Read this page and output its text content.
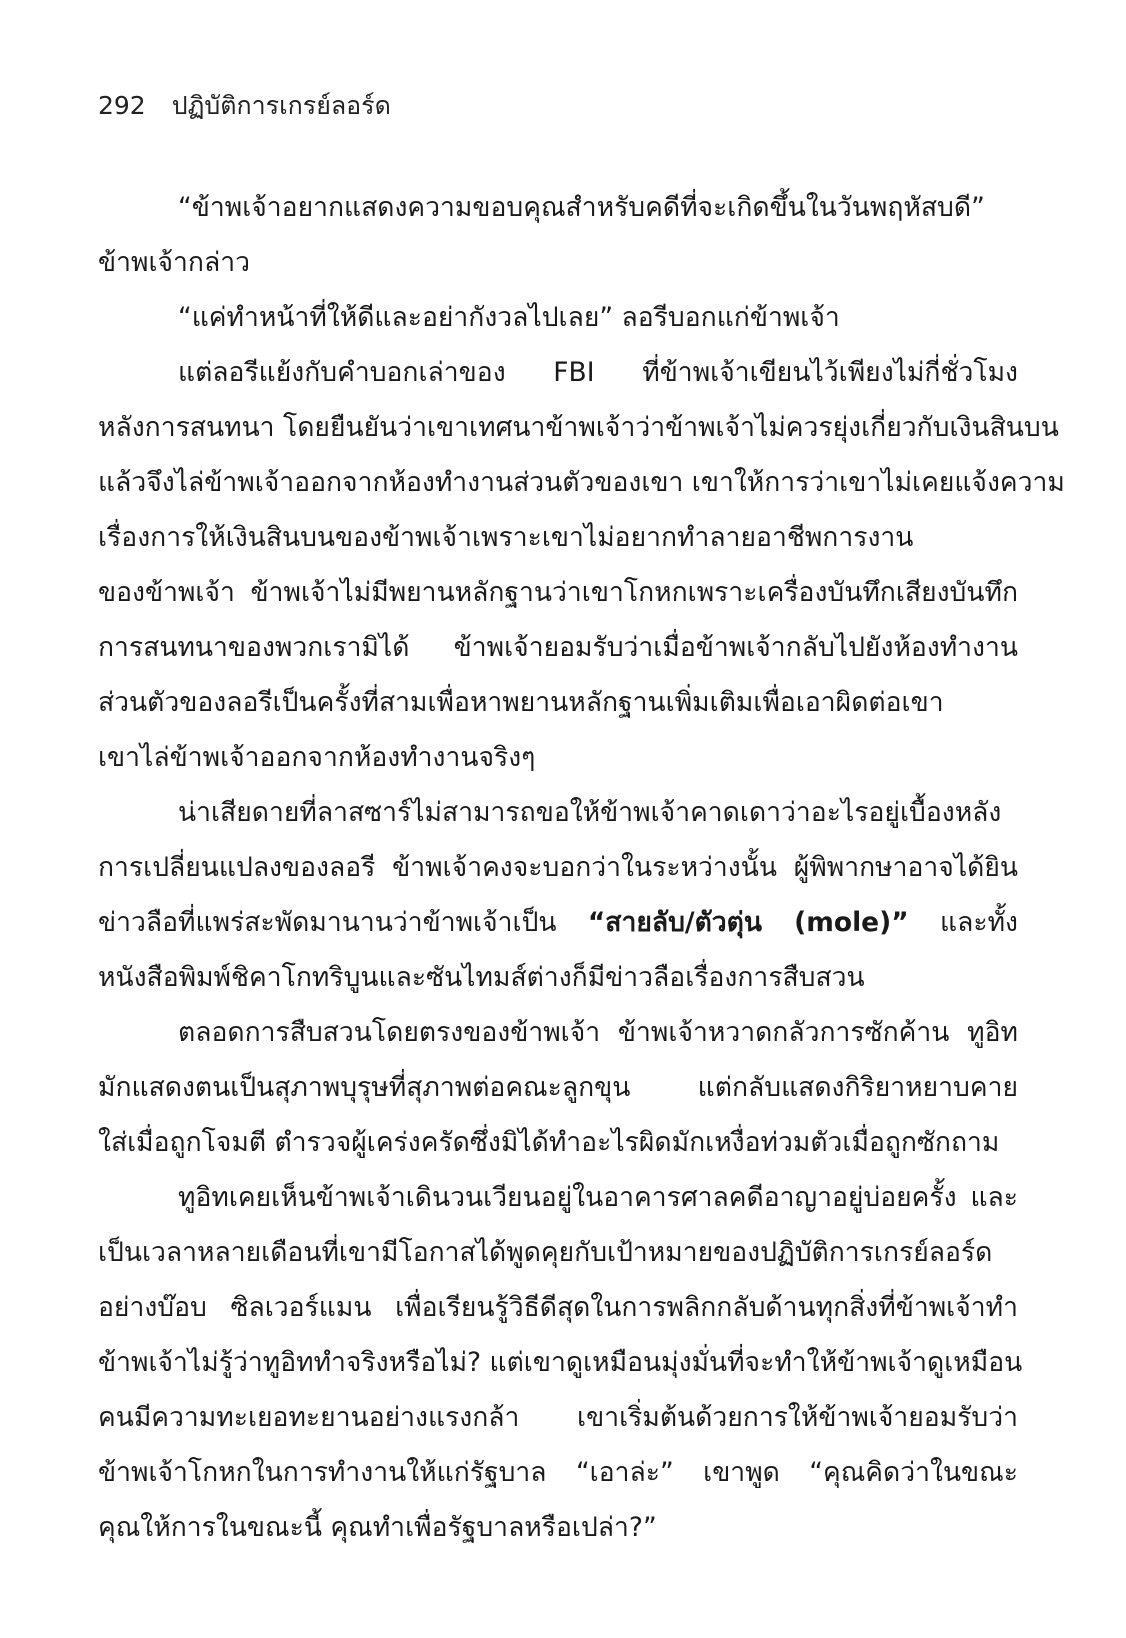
292 ปฏิบัติการเกรย์ลอร์ด
“ข้าพเจ้าอยากแสดงความขอบคุณสำหรับคดีที่จะเกิดขึ้นในวันพฤหัสบดี”
ข้าพเจ้ากล่าว
“แค่ทำหน้าที่ให้ดีและอย่ากังวลไปเลย” ลอรีบอกแก่ข้าพเจ้า
แต่ลอรีแย้งกับคำบอกเล่าของ FBI ที่ข้าพเจ้าเขียนไว้เพียงไม่กี่ชั่วโมง
หลังการสนทนา โดยยืนยันว่าเขาเทศนาข้าพเจ้าว่าข้าพเจ้าไม่ควรยุ่งเกี่ยวกับเงินสินบน
แล้วจึงไล่ข้าพเจ้าออกจากห้องทำงานส่วนตัวของเขา เขาให้การว่าเขาไม่เคยแจ้งความ
เรื่องการให้เงินสินบนของข้าพเจ้าเพราะเขาไม่อยากทำลายอาชีพการงาน
ของข้าพเจ้า ข้าพเจ้าไม่มีพยานหลักฐานว่าเขาโกหกเพราะเครื่องบันทึกเสียงบันทึก
การสนทนาของพวกเรามิได้ ข้าพเจ้ายอมรับว่าเมื่อข้าพเจ้ากลับไปยังห้องทำงาน
ส่วนตัวของลอรีเป็นครั้งที่สามเพื่อหาพยานหลักฐานเพิ่มเติมเพื่อเอาผิดต่อเขา
เขาไล่ข้าพเจ้าออกจากห้องทำงานจริงๆ
น่าเสียดายที่ลาสซาร์ไม่สามารถขอให้ข้าพเจ้าคาดเดาว่าอะไรอยู่เบื้องหลัง
การเปลี่ยนแปลงของลอรี ข้าพเจ้าคงจะบอกว่าในระหว่างนั้น ผู้พิพากษาอาจได้ยิน
ข่าวลือที่แพร่สะพัดมานานว่าข้าพเจ้าเป็น “สายลับ/ตัวตุ่น (mole)” และทั้ง
หนังสือพิมพ์ชิคาโกทริบูนและซันไทมส์ต่างก็มีข่าวลือเรื่องการสืบสวน
ตลอดการสืบสวนโดยตรงของข้าพเจ้า ข้าพเจ้าหวาดกลัวการซักค้าน ทูอิท
มักแสดงตนเป็นสุภาพบุรุษที่สุภาพต่อคณะลูกขุน แต่กลับแสดงกิริยาหยาบคาย
ใส่เมื่อถูกโจมตี ตำรวจผู้เคร่งครัดซึ่งมิได้ทำอะไรผิดมักเหงื่อท่วมตัวเมื่อถูกซักถาม
ทูอิทเคยเห็นข้าพเจ้าเดินวนเวียนอยู่ในอาคารศาลคดีอาญาอยู่บ่อยครั้ง และ
เป็นเวลาหลายเดือนที่เขามีโอกาสได้พูดคุยกับเป้าหมายของปฏิบัติการเกรย์ลอร์ด
อย่างบ๊อบ ซิลเวอร์แมน เพื่อเรียนรู้วิธีดีสุดในการพลิกกลับด้านทุกสิ่งที่ข้าพเจ้าทำ
ข้าพเจ้าไม่รู้ว่าทูอิททำจริงหรือไม่? แต่เขาดูเหมือนมุ่งมั่นที่จะทำให้ข้าพเจ้าดูเหมือน
คนมีความทะเยอทะยานอย่างแรงกล้า เขาเริ่มต้นด้วยการให้ข้าพเจ้ายอมรับว่า
ข้าพเจ้าโกหกในการทำงานให้แก่รัฐบาล “เอาล่ะ” เขาพูด “คุณคิดว่าในขณะ
คุณให้การในขณะนี้ คุณทำเพื่อรัฐบาลหรือเปล่า?”
